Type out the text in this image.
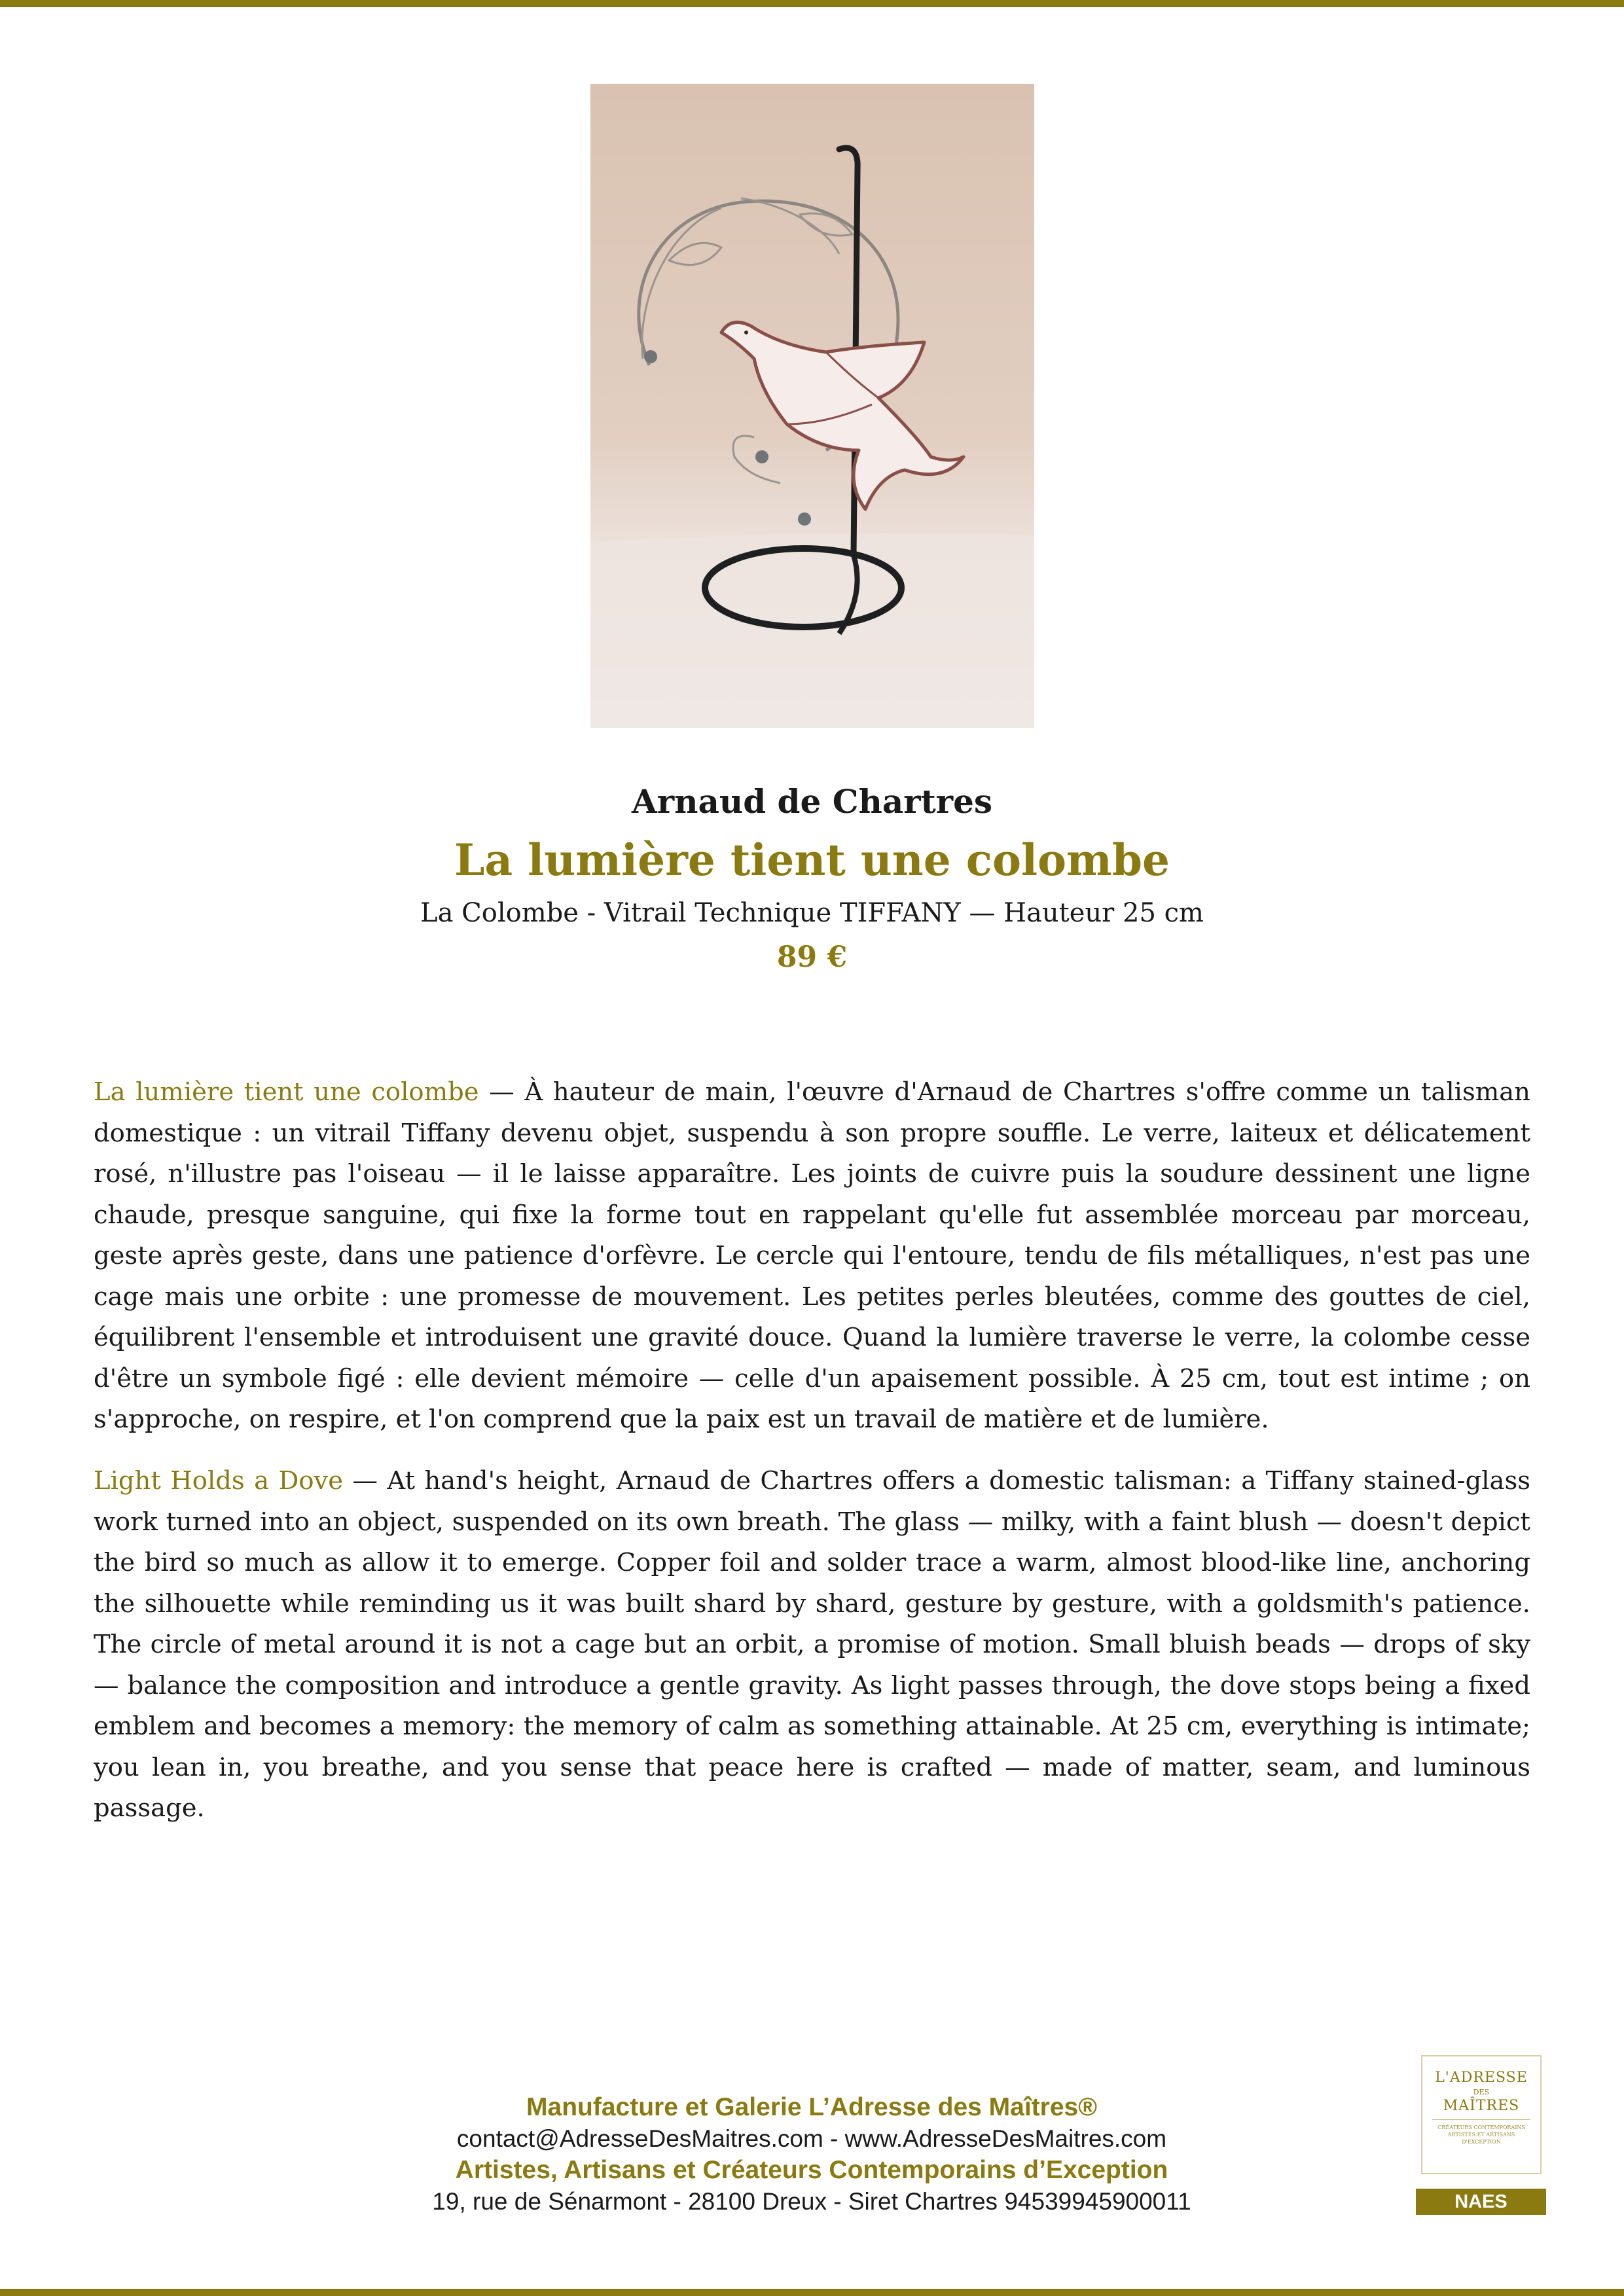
Arnaud de Chartres
La lumière tient une colombe
La Colombe - Vitrail Technique TIFFANY — Hauteur 25 cm
89 €

La lumière tient une colombe — À hauteur de main, l'œuvre d'Arnaud de Chartres s'offre comme un talisman domestique : un vitrail Tiffany devenu objet, suspendu à son propre souffle. Le verre, laiteux et délicatement rosé, n'illustre pas l'oiseau — il le laisse apparaître. Les joints de cuivre puis la soudure dessinent une ligne chaude, presque sanguine, qui fixe la forme tout en rappelant qu'elle fut assemblée morceau par morceau, geste après geste, dans une patience d'orfèvre. Le cercle qui l'entoure, tendu de fils métalliques, n'est pas une cage mais une orbite : une promesse de mouvement. Les petites perles bleutées, comme des gouttes de ciel, équilibrent l'ensemble et introduisent une gravité douce. Quand la lumière traverse le verre, la colombe cesse d'être un symbole figé : elle devient mémoire — celle d'un apaisement possible. À 25 cm, tout est intime ; on s'approche, on respire, et l'on comprend que la paix est un travail de matière et de lumière.

Light Holds a Dove — At hand's height, Arnaud de Chartres offers a domestic talisman: a Tiffany stained-glass work turned into an object, suspended on its own breath. The glass — milky, with a faint blush — doesn't depict the bird so much as allow it to emerge. Copper foil and solder trace a warm, almost blood-like line, anchoring the silhouette while reminding us it was built shard by shard, gesture by gesture, with a goldsmith's patience. The circle of metal around it is not a cage but an orbit, a promise of motion. Small bluish beads — drops of sky — balance the composition and introduce a gentle gravity. As light passes through, the dove stops being a fixed emblem and becomes a memory: the memory of calm as something attainable. At 25 cm, everything is intimate; you lean in, you breathe, and you sense that peace here is crafted — made of matter, seam, and luminous passage.

Manufacture et Galerie L’Adresse des Maîtres®
contact@AdresseDesMaitres.com - www.AdresseDesMaitres.com
Artistes, Artisans et Créateurs Contemporains d’Exception
19, rue de Sénarmont - 28100 Dreux - Siret Chartres 94539945900011
L'ADRESSE
DES
MAÎTRES
CRÉATEURS CONTEMPORAINS ARTISTES ET ARTISANS D'EXCEPTION
NAES
